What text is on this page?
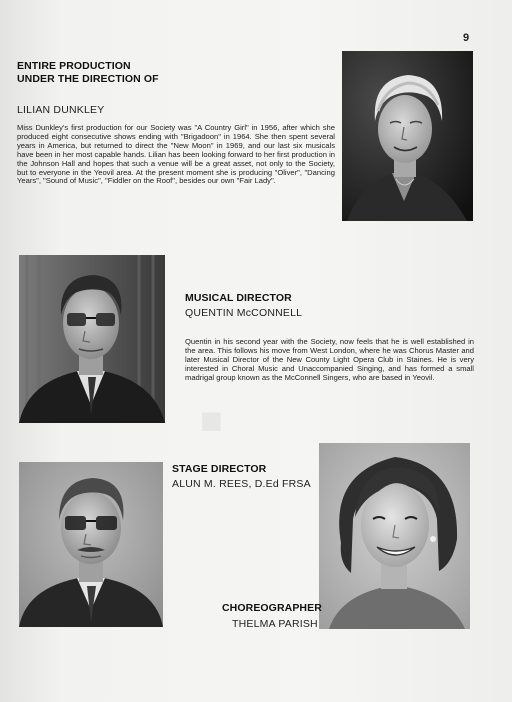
■
9
ENTIRE PRODUCTION
UNDER THE DIRECTION OF
LILIAN DUNKLEY
Miss Dunkley's first production for our Society was "A Country Girl" in 1956, after which she produced eight consecutive shows ending with "Brigadoon" in 1964. She then spent several years in America, but returned to direct the "New Moon" in 1969, and our last six musicals have been in her most capable hands. Lilian has been looking forward to her first production in the Johnson Hall and hopes that such a venue will be a great asset, not only to the Society, but to everyone in the Yeovil area. At the present moment she is producing "Oliver", "Dancing Years", "Sound of Music", "Fiddler on the Roof", besides our own "Fair Lady".
MUSICAL DIRECTOR
QUENTIN McCONNELL
Quentin in his second year with the Society, now feels that he is well established in the area. This follows his move from West London, where he was Chorus Master and later Musical Director of the New County Light Opera Club in Staines. He is very interested in Choral Music and Unaccompanied Singing, and has formed a small madrigal group known as the McConnell Singers, who are based in Yeovil.
STAGE DIRECTOR
ALUN M. REES, D.Ed FRSA
CHOREOGRAPHER
THELMA PARISH
